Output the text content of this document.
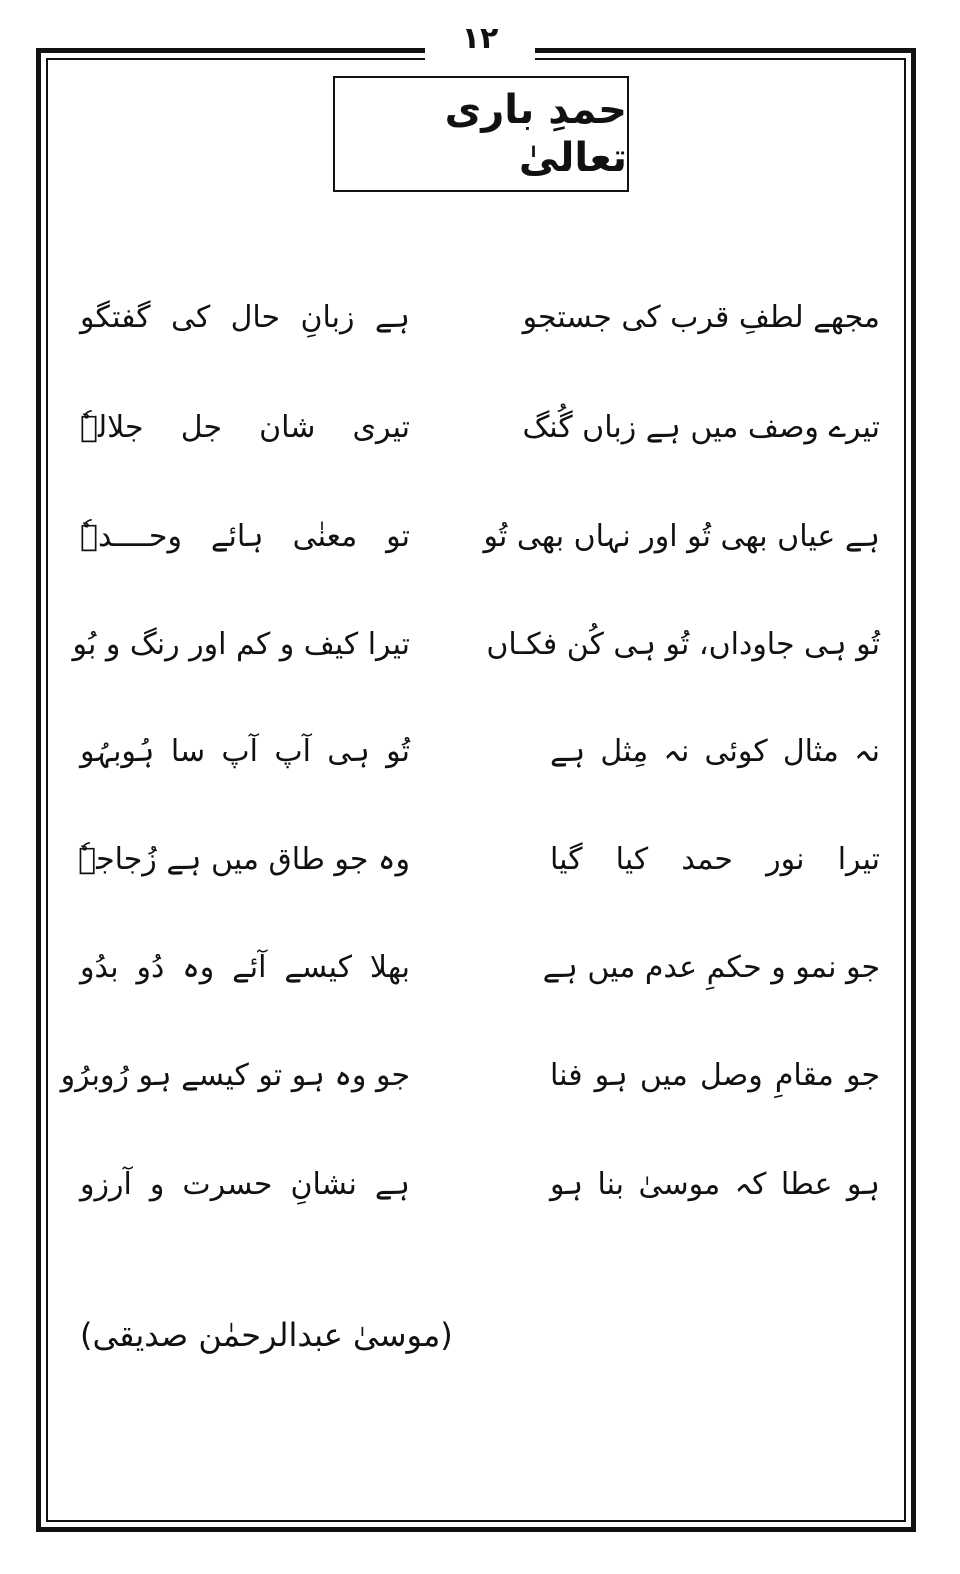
۱۲
حمدِ باری تعالیٰ
مجھے لطفِ قرب کی جستجو
ہے زبانِ حال کی گفتگو
تیرے وصف میں ہے زباں گُنگ
تیری شان جل جلالہٗ
ہے عیاں بھی تُو اور نہاں بھی تُو
تو معنٰی ہائے وحــــدہٗ
تُو ہی جاوداں، تُو ہی کُن فکـاں
تیرا کیف و کم اور رنگ و بُو
نہ مثال کوئی نہ مِثل ہے
تُو ہی آپ آپ سا ہُوبہُو
تیرا نور حمد کیا گیا
وہ جو طاق میں ہے زُجاجہٗ
جو نمو و حکمِ عدم میں ہے
بھلا کیسے آئے وہ دُو بدُو
جو مقامِ وصل میں ہو فنا
جو وہ ہو تو کیسے ہو رُوبرُو
ہو عطا کہ موسیٰ بنا ہو
ہے نشانِ حسرت و آرزو
(موسیٰ عبدالرحمٰن صدیقی)
